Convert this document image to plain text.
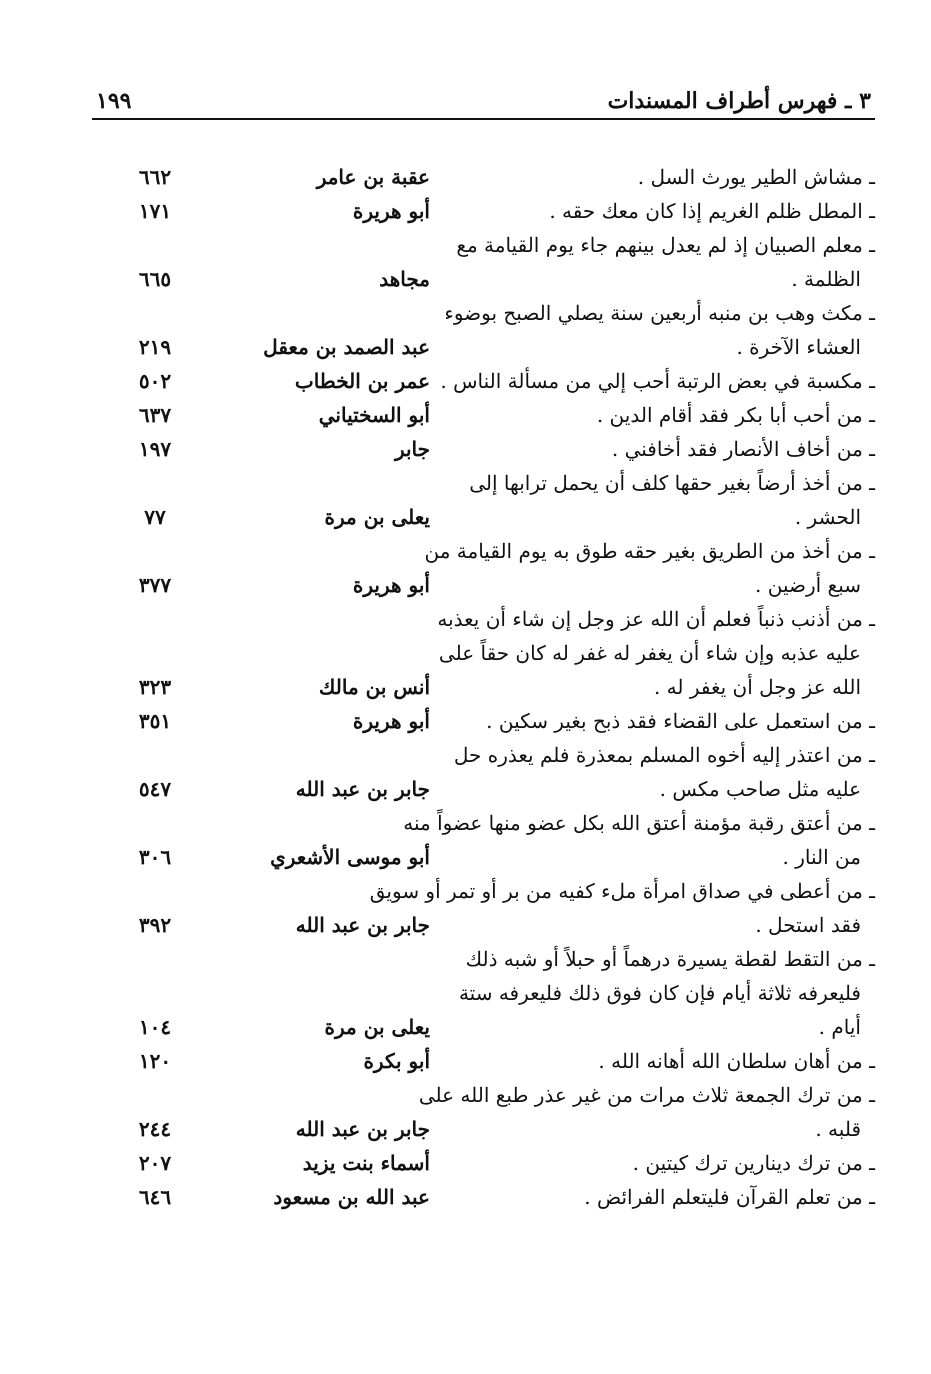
٣ ـ فهرس أطراف المسندات
١٩٩
ـ مشاش الطير يورث السل .
عقبة بن عامر
٦٦٢
ـ المطل ظلم الغريم إذا كان معك حقه .
أبو هريرة
١٧١
ـ معلم الصبيان إذ لم يعدل بينهم جاء يوم القيامة مع
الظلمة .
مجاهد
٦٦٥
ـ مكث وهب بن منبه أربعين سنة يصلي الصبح بوضوء
العشاء الآخرة .
عبد الصمد بن معقل
٢١٩
ـ مكسبة في بعض الرتبة أحب إلي من مسألة الناس .
عمر بن الخطاب
٥٠٢
ـ من أحب أبا بكر فقد أقام الدين .
أبو السختياني
٦٣٧
ـ من أخاف الأنصار فقد أخافني .
جابر
١٩٧
ـ من أخذ أرضاً بغير حقها كلف أن يحمل ترابها إلى
الحشر .
يعلى بن مرة
٧٧
ـ من أخذ من الطريق بغير حقه طوق به يوم القيامة من
سبع أرضين .
أبو هريرة
٣٧٧
ـ من أذنب ذنباً فعلم أن الله عز وجل إن شاء أن يعذبه
عليه عذبه وإن شاء أن يغفر له غفر له كان حقاً على
الله عز وجل أن يغفر له .
أنس بن مالك
٣٢٣
ـ من استعمل على القضاء فقد ذبح بغير سكين .
أبو هريرة
٣٥١
ـ من اعتذر إليه أخوه المسلم بمعذرة فلم يعذره حل
عليه مثل صاحب مكس .
جابر بن عبد الله
٥٤٧
ـ من أعتق رقبة مؤمنة أعتق الله بكل عضو منها عضواً منه
من النار .
أبو موسى الأشعري
٣٠٦
ـ من أعطى في صداق امرأة ملء كفيه من بر أو تمر أو سويق
فقد استحل .
جابر بن عبد الله
٣٩٢
ـ من التقط لقطة يسيرة درهماً أو حبلاً أو شبه ذلك
فليعرفه ثلاثة أيام فإن كان فوق ذلك فليعرفه ستة
أيام .
يعلى بن مرة
١٠٤
ـ من أهان سلطان الله أهانه الله .
أبو بكرة
١٢٠
ـ من ترك الجمعة ثلاث مرات من غير عذر طبع الله على
قلبه .
جابر بن عبد الله
٢٤٤
ـ من ترك دينارين ترك كيتين .
أسماء بنت يزيد
٢٠٧
ـ من تعلم القرآن فليتعلم الفرائض .
عبد الله بن مسعود
٦٤٦
